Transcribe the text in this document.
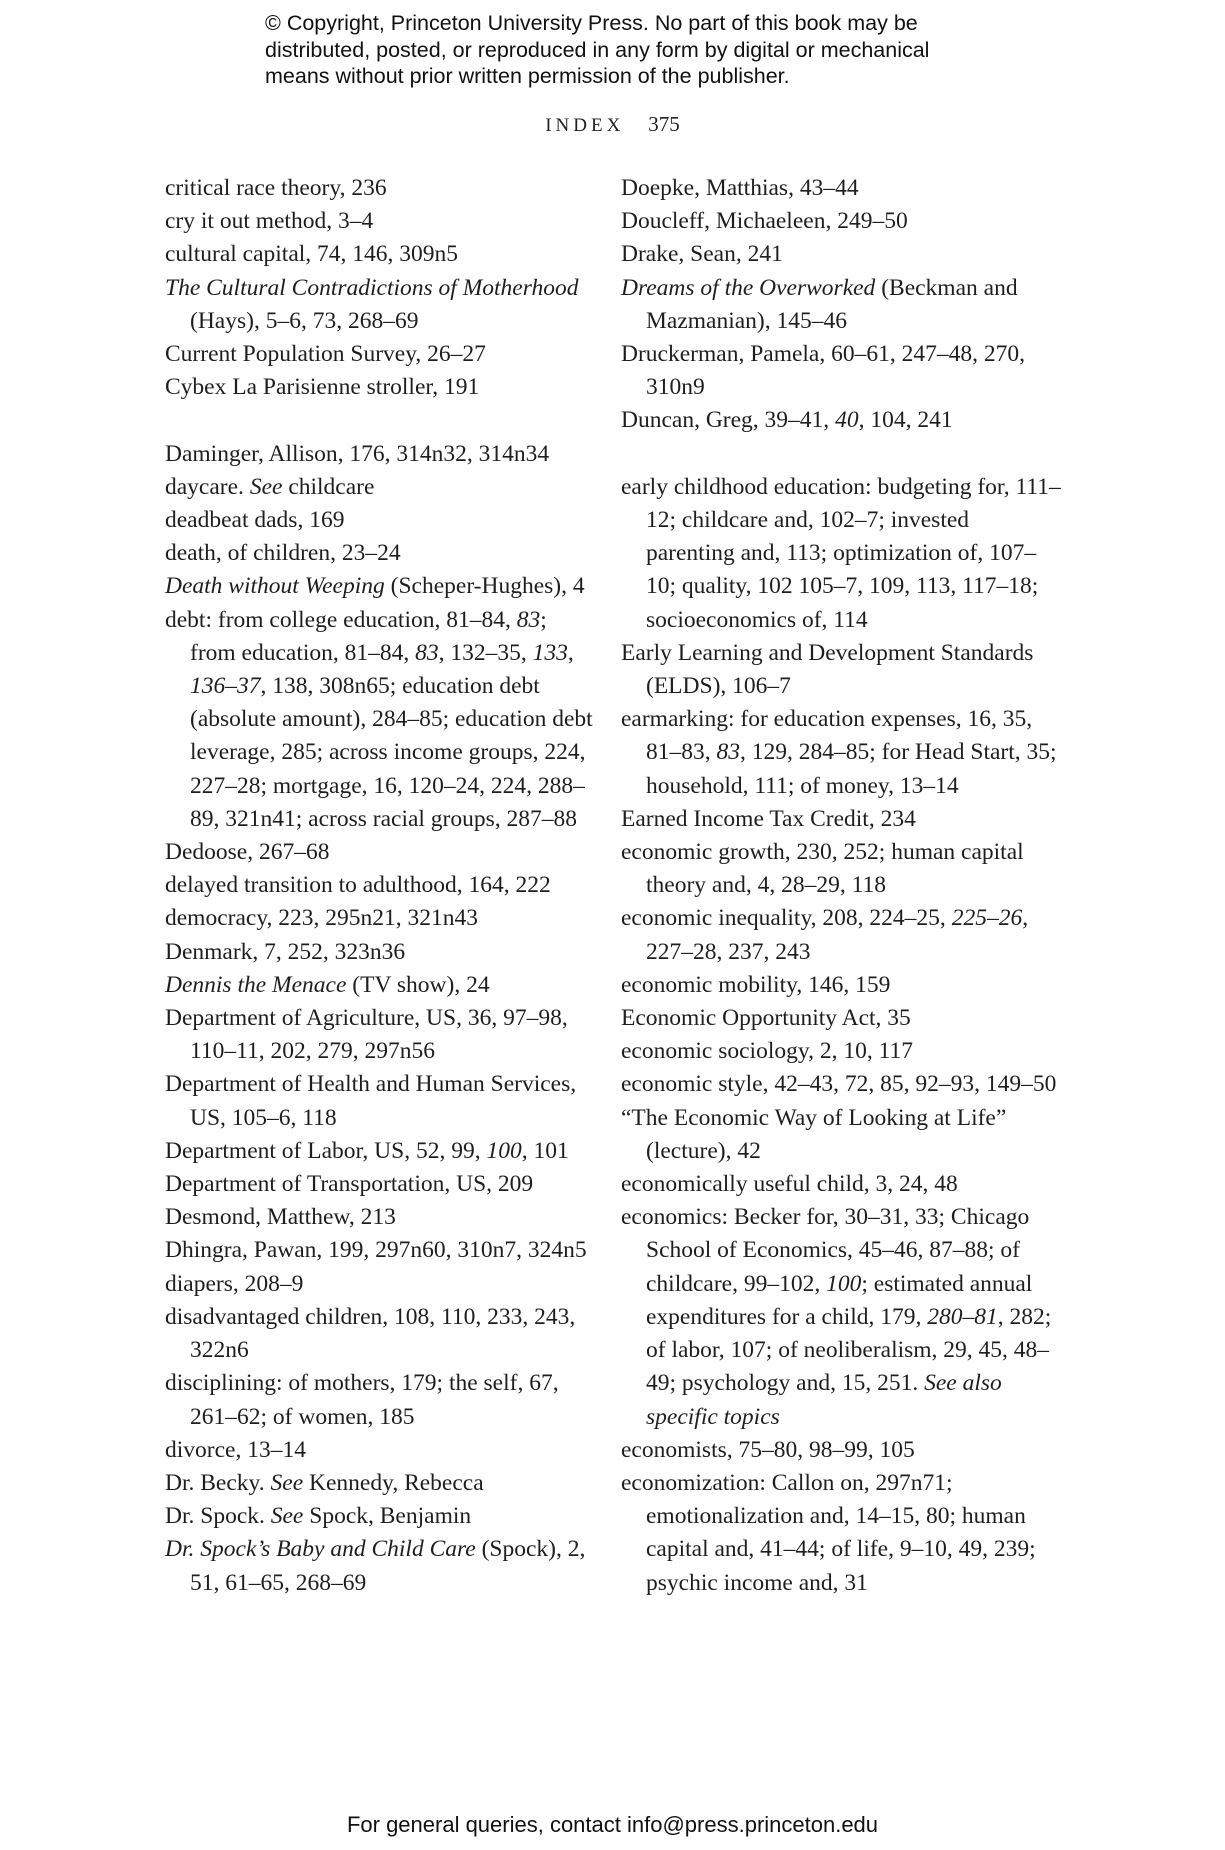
© Copyright, Princeton University Press. No part of this book may be
distributed, posted, or reproduced in any form by digital or mechanical
means without prior written permission of the publisher.
INDEX 375

critical race theory, 236

cry it out method, 3–4

cultural capital, 74, 146, 309n5

The Cultural Contradictions of Motherhood (Hays), 5–6, 73, 268–69

Current Population Survey, 26–27

Cybex La Parisienne stroller, 191

Daminger, Allison, 176, 314n32, 314n34

daycare. See childcare

deadbeat dads, 169

death, of children, 23–24

Death without Weeping (Scheper-Hughes), 4

debt: from college education, 81–84, 83; from education, 81–84, 83, 132–35, 133, 136–37, 138, 308n65; education debt (absolute amount), 284–85; education debt leverage, 285; across income groups, 224, 227–28; mortgage, 16, 120–24, 224, 288–89, 321n41; across racial groups, 287–88

Dedoose, 267–68

delayed transition to adulthood, 164, 222

democracy, 223, 295n21, 321n43

Denmark, 7, 252, 323n36

Dennis the Menace (TV show), 24

Department of Agriculture, US, 36, 97–98, 110–11, 202, 279, 297n56

Department of Health and Human Services, US, 105–6, 118

Department of Labor, US, 52, 99, 100, 101

Department of Transportation, US, 209

Desmond, Matthew, 213

Dhingra, Pawan, 199, 297n60, 310n7, 324n5

diapers, 208–9

disadvantaged children, 108, 110, 233, 243, 322n6

disciplining: of mothers, 179; the self, 67, 261–62; of women, 185

divorce, 13–14

Dr. Becky. See Kennedy, Rebecca

Dr. Spock. See Spock, Benjamin

Dr. Spock’s Baby and Child Care (Spock), 2, 51, 61–65, 268–69

Doepke, Matthias, 43–44

Doucleff, Michaeleen, 249–50

Drake, Sean, 241

Dreams of the Overworked (Beckman and Mazmanian), 145–46

Druckerman, Pamela, 60–61, 247–48, 270, 310n9

Duncan, Greg, 39–41, 40, 104, 241

early childhood education: budgeting for, 111–12; childcare and, 102–7; invested parenting and, 113; optimization of, 107–10; quality, 102 105–7, 109, 113, 117–18; socioeconomics of, 114

Early Learning and Development Standards (ELDS), 106–7

earmarking: for education expenses, 16, 35, 81–83, 83, 129, 284–85; for Head Start, 35; household, 111; of money, 13–14

Earned Income Tax Credit, 234

economic growth, 230, 252; human capital theory and, 4, 28–29, 118

economic inequality, 208, 224–25, 225–26, 227–28, 237, 243

economic mobility, 146, 159

Economic Opportunity Act, 35

economic sociology, 2, 10, 117

economic style, 42–43, 72, 85, 92–93, 149–50

“The Economic Way of Looking at Life” (lecture), 42

economically useful child, 3, 24, 48

economics: Becker for, 30–31, 33; Chicago School of Economics, 45–46, 87–88; of childcare, 99–102, 100; estimated annual expenditures for a child, 179, 280–81, 282; of labor, 107; of neoliberalism, 29, 45, 48–49; psychology and, 15, 251. See also specific topics

economists, 75–80, 98–99, 105

economization: Callon on, 297n71; emotionalization and, 14–15, 80; human capital and, 41–44; of life, 9–10, 49, 239; psychic income and, 31

For general queries, contact info@press.princeton.edu
